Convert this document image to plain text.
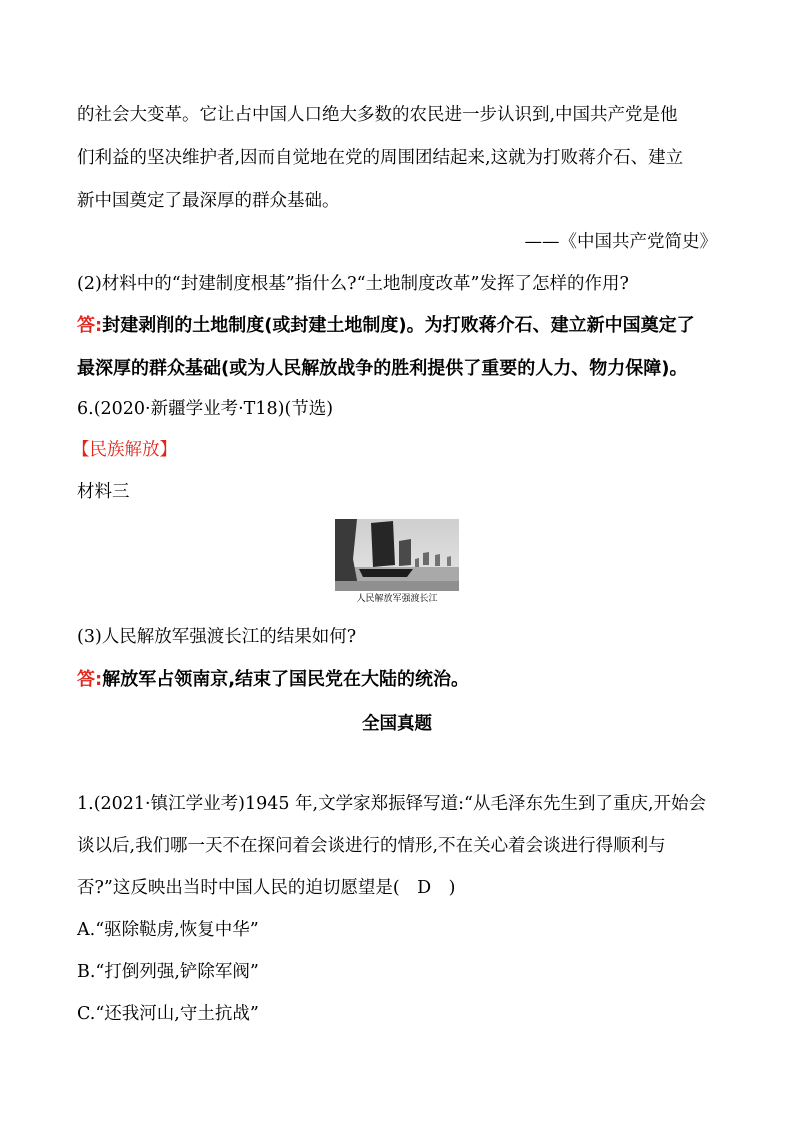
的社会大变革。它让占中国人口绝大多数的农民进一步认识到,中国共产党是他
们利益的坚决维护者,因而自觉地在党的周围团结起来,这就为打败蒋介石、建立
新中国奠定了最深厚的群众基础。
——《中国共产党简史》
(2)材料中的“封建制度根基”指什么?“土地制度改革”发挥了怎样的作用?
答:封建剥削的土地制度(或封建土地制度)。为打败蒋介石、建立新中国奠定了
最深厚的群众基础(或为人民解放战争的胜利提供了重要的人力、物力保障)。
6.(2020·新疆学业考·T18)(节选)
【民族解放】
材料三
人民解放军强渡长江
(3)人民解放军强渡长江的结果如何?
答:解放军占领南京,结束了国民党在大陆的统治。
全国真题
1.(2021·镇江学业考)1945 年,文学家郑振铎写道:“从毛泽东先生到了重庆,开始会
谈以后,我们哪一天不在探问着会谈进行的情形,不在关心着会谈进行得顺利与
否?”这反映出当时中国人民的迫切愿望是(　D　)
A.“驱除鞑虏,恢复中华”
B.“打倒列强,铲除军阀”
C.“还我河山,守土抗战”
